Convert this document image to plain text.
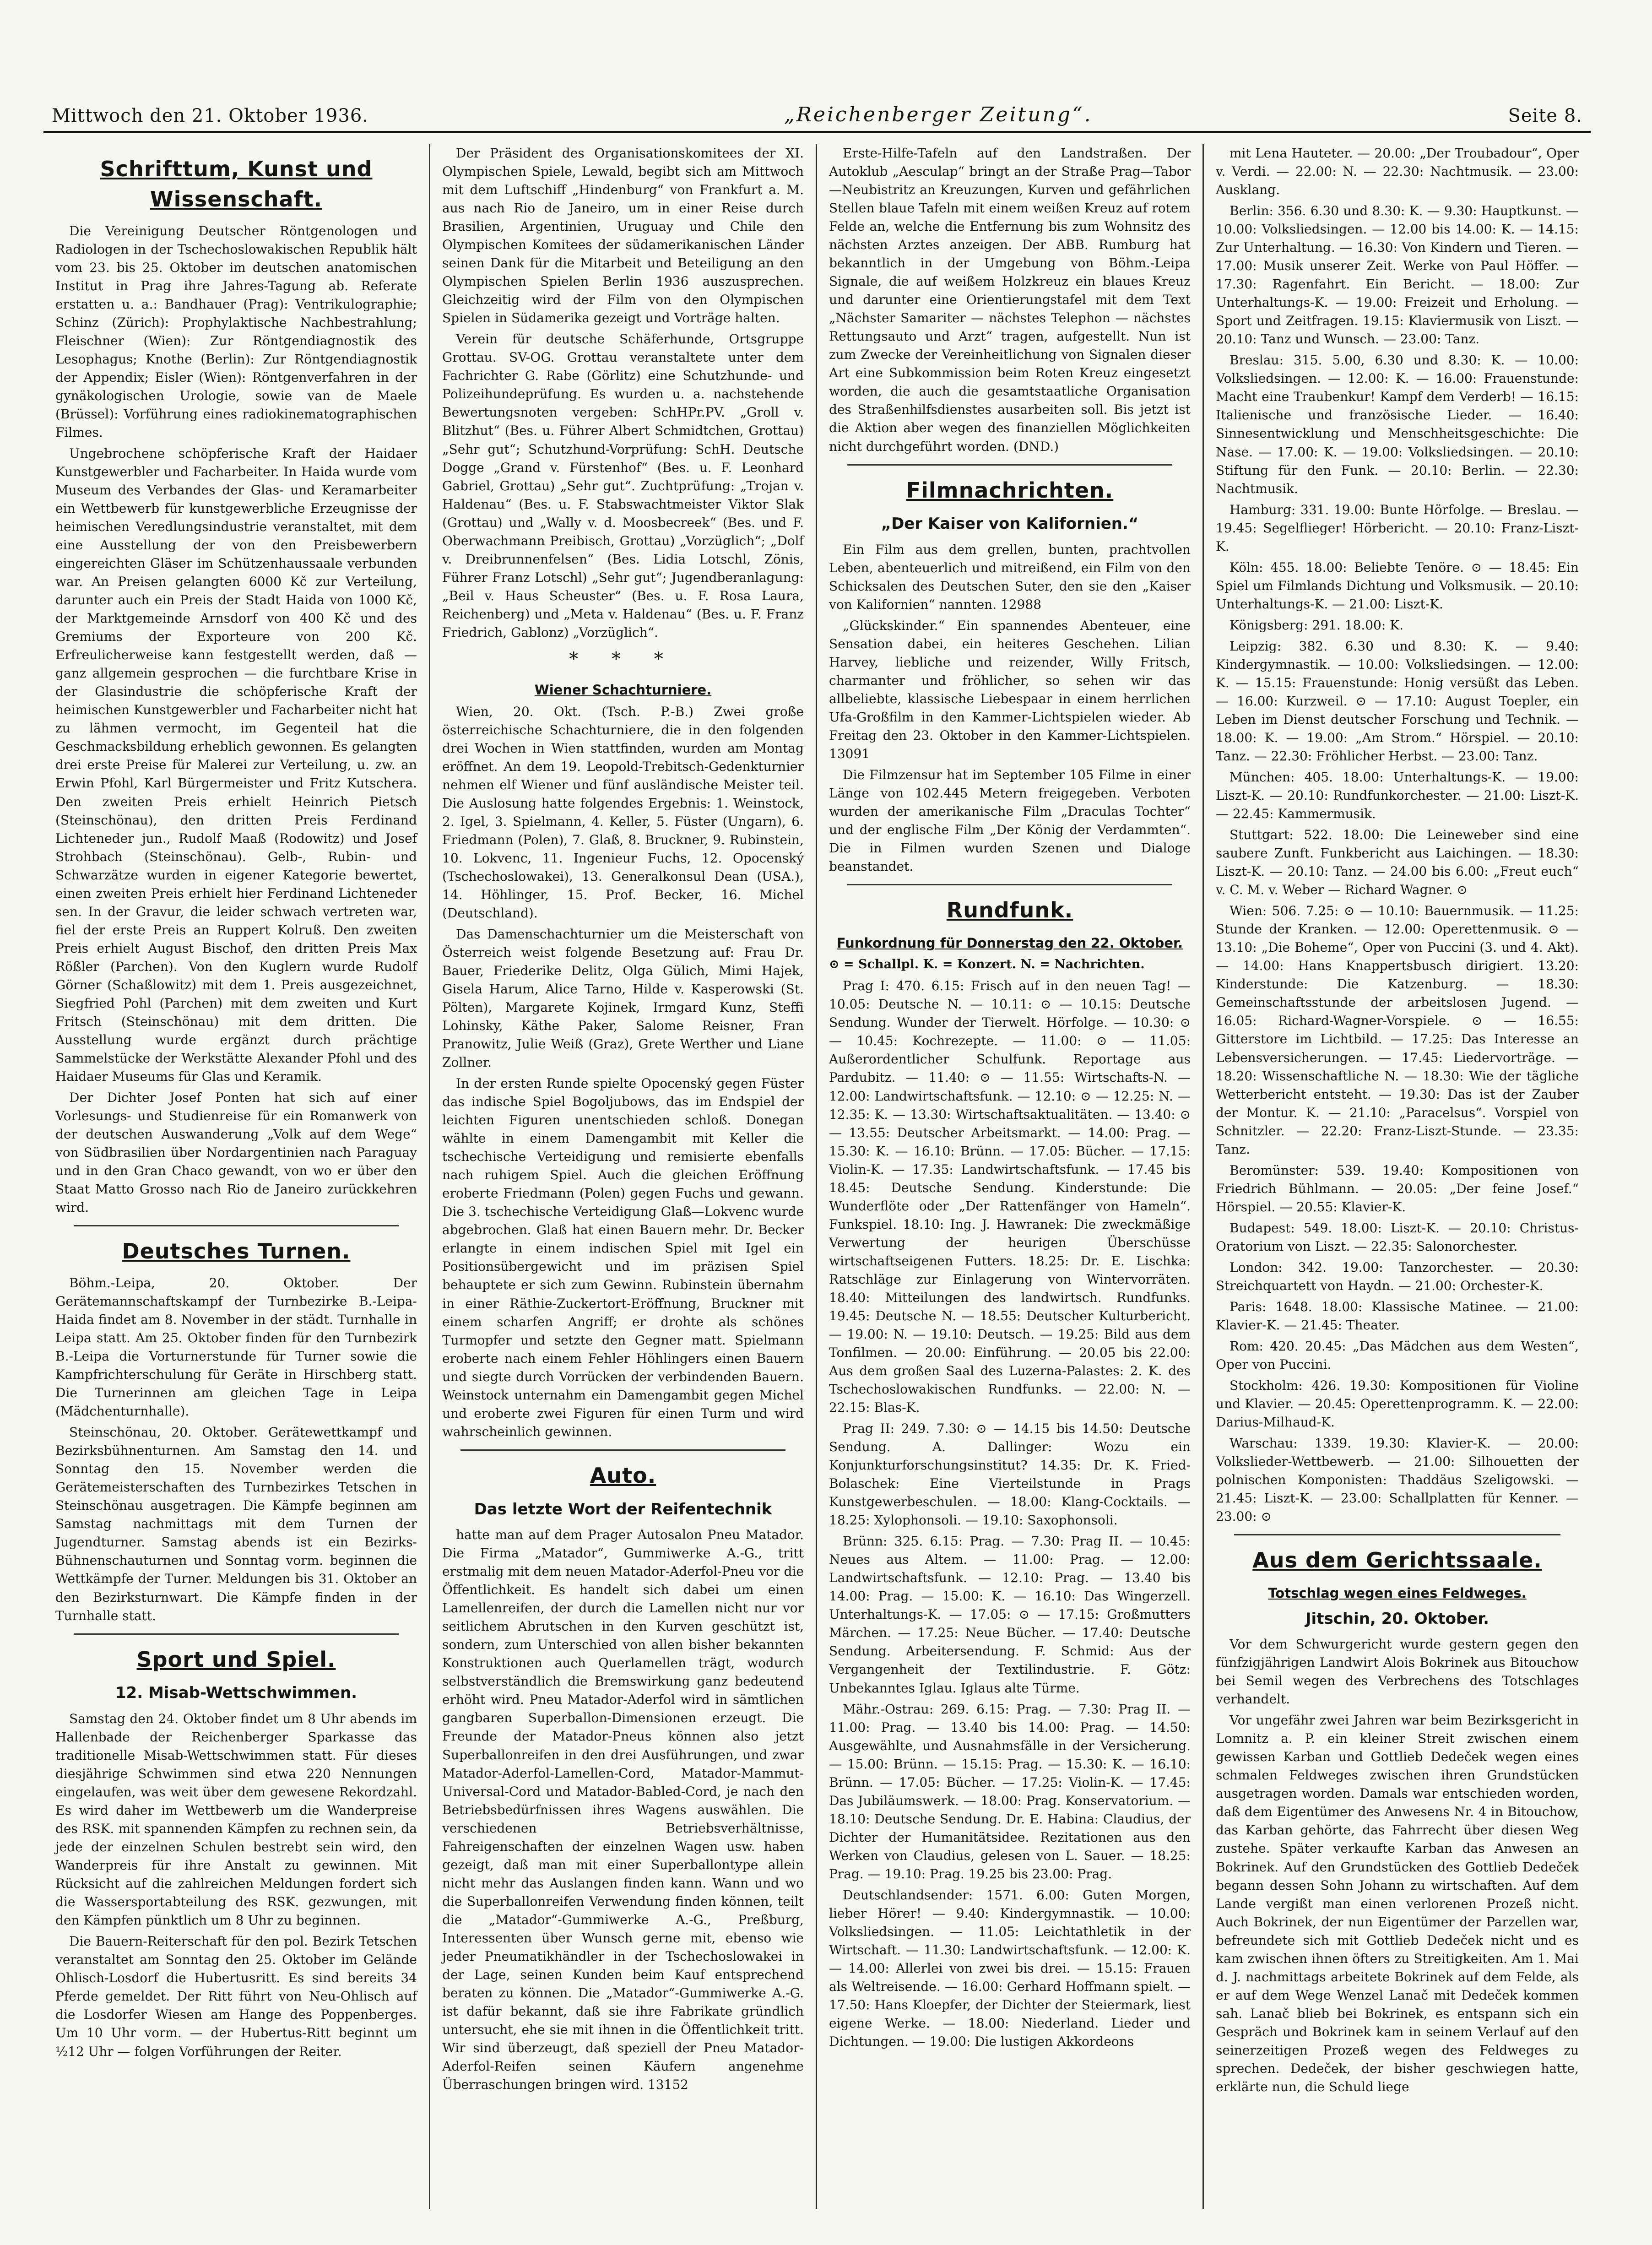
Mittwoch den 21. Oktober 1936.	„Reichenberger Zeitung“.	Seite 8.
Schrifttum, Kunst und Wissenschaft.

Die Vereinigung Deutscher Röntgenologen und Radiologen in der Tschechoslowakischen Republik hält vom 23. bis 25. Oktober im deutschen anatomischen Institut in Prag ihre Jahres-Tagung ab. Referate erstatten u. a.: Bandhauer (Prag): Ventrikulographie; Schinz (Zürich): Prophylaktische Nachbestrahlung; Fleischner (Wien): Zur Röntgendiagnostik des Lesophagus; Knothe (Berlin): Zur Röntgendiagnostik der Appendix; Eisler (Wien): Röntgenverfahren in der gynäkologischen Urologie, sowie van de Maele (Brüssel): Vorführung eines radiokinematographischen Filmes.

Ungebrochene schöpferische Kraft der Haidaer Kunstgewerbler und Facharbeiter. In Haida wurde vom Museum des Verbandes der Glas- und Keramarbeiter ein Wettbewerb für kunstgewerbliche Erzeugnisse der heimischen Veredlungsindustrie veranstaltet, mit dem eine Ausstellung der von den Preisbewerbern eingereichten Gläser im Schützenhaussaale verbunden war. An Preisen gelangten 6000 Kč zur Verteilung, darunter auch ein Preis der Stadt Haida von 1000 Kč, der Marktgemeinde Arnsdorf von 400 Kč und des Gremiums der Exporteure von 200 Kč. Erfreulicherweise kann festgestellt werden, daß — ganz allgemein gesprochen — die furchtbare Krise in der Glasindustrie die schöpferische Kraft der heimischen Kunstgewerbler und Facharbeiter nicht hat zu lähmen vermocht, im Gegenteil hat die Geschmacksbildung erheblich gewonnen. Es gelangten drei erste Preise für Malerei zur Verteilung, u. zw. an Erwin Pfohl, Karl Bürgermeister und Fritz Kutschera. Den zweiten Preis erhielt Heinrich Pietsch (Steinschönau), den dritten Preis Ferdinand Lichteneder jun., Rudolf Maaß (Rodowitz) und Josef Strohbach (Steinschönau). Gelb-, Rubin- und Schwarzätze wurden in eigener Kategorie bewertet, einen zweiten Preis erhielt hier Ferdinand Lichteneder sen. In der Gravur, die leider schwach vertreten war, fiel der erste Preis an Ruppert Kolruß. Den zweiten Preis erhielt August Bischof, den dritten Preis Max Rößler (Parchen). Von den Kuglern wurde Rudolf Görner (Schaßlowitz) mit dem 1. Preis ausgezeichnet, Siegfried Pohl (Parchen) mit dem zweiten und Kurt Fritsch (Steinschönau) mit dem dritten. Die Ausstellung wurde ergänzt durch prächtige Sammelstücke der Werkstätte Alexander Pfohl und des Haidaer Museums für Glas und Keramik.

Der Dichter Josef Ponten hat sich auf einer Vorlesungs- und Studienreise für ein Romanwerk von der deutschen Auswanderung „Volk auf dem Wege“ von Südbrasilien über Nordargentinien nach Paraguay und in den Gran Chaco gewandt, von wo er über den Staat Matto Grosso nach Rio de Janeiro zurückkehren wird.

Deutsches Turnen.

Böhm.-Leipa, 20. Oktober. Der Gerätemannschaftskampf der Turnbezirke B.-Leipa-Haida findet am 8. November in der städt. Turnhalle in Leipa statt. Am 25. Oktober finden für den Turnbezirk B.-Leipa die Vorturnerstunde für Turner sowie die Kampfrichterschulung für Geräte in Hirschberg statt. Die Turnerinnen am gleichen Tage in Leipa (Mädchenturnhalle).

Steinschönau, 20. Oktober. Gerätewettkampf und Bezirksbühnenturnen. Am Samstag den 14. und Sonntag den 15. November werden die Gerätemeisterschaften des Turnbezirkes Tetschen in Steinschönau ausgetragen. Die Kämpfe beginnen am Samstag nachmittags mit dem Turnen der Jugendturner. Samstag abends ist ein Bezirks-Bühnenschauturnen und Sonntag vorm. beginnen die Wettkämpfe der Turner. Meldungen bis 31. Oktober an den Bezirksturnwart. Die Kämpfe finden in der Turnhalle statt.

Sport und Spiel.
12. Misab-Wettschwimmen.

Samstag den 24. Oktober findet um 8 Uhr abends im Hallenbade der Reichenberger Sparkasse das traditionelle Misab-Wettschwimmen statt. Für dieses diesjährige Schwimmen sind etwa 220 Nennungen eingelaufen, was weit über dem gewesene Rekordzahl. Es wird daher im Wettbewerb um die Wanderpreise des RSK. mit spannenden Kämpfen zu rechnen sein, da jede der einzelnen Schulen bestrebt sein wird, den Wanderpreis für ihre Anstalt zu gewinnen. Mit Rücksicht auf die zahlreichen Meldungen fordert sich die Wassersportabteilung des RSK. gezwungen, mit den Kämpfen pünktlich um 8 Uhr zu beginnen.

Die Bauern-Reiterschaft für den pol. Bezirk Tetschen veranstaltet am Sonntag den 25. Oktober im Gelände Ohlisch-Losdorf die Hubertusritt. Es sind bereits 34 Pferde gemeldet. Der Ritt führt von Neu-Ohlisch auf die Losdorfer Wiesen am Hange des Poppenberges. Um 10 Uhr vorm. — der Hubertus-Ritt beginnt um ½12 Uhr — folgen Vorführungen der Reiter.

Der Präsident des Organisationskomitees der XI. Olympischen Spiele, Lewald, begibt sich am Mittwoch mit dem Luftschiff „Hindenburg“ von Frankfurt a. M. aus nach Rio de Janeiro, um in einer Reise durch Brasilien, Argentinien, Uruguay und Chile den Olympischen Komitees der südamerikanischen Länder seinen Dank für die Mitarbeit und Beteiligung an den Olympischen Spielen Berlin 1936 auszusprechen. Gleichzeitig wird der Film von den Olympischen Spielen in Südamerika gezeigt und Vorträge halten.

Verein für deutsche Schäferhunde, Ortsgruppe Grottau. SV-OG. Grottau veranstaltete unter dem Fachrichter G. Rabe (Görlitz) eine Schutzhunde- und Polizeihundeprüfung. Es wurden u. a. nachstehende Bewertungsnoten vergeben: SchHPr.PV. „Groll v. Blitzhut“ (Bes. u. Führer Albert Schmidtchen, Grottau) „Sehr gut“; Schutzhund-Vorprüfung: SchH. Deutsche Dogge „Grand v. Fürstenhof“ (Bes. u. F. Leonhard Gabriel, Grottau) „Sehr gut“. Zuchtprüfung: „Trojan v. Haldenau“ (Bes. u. F. Stabswachtmeister Viktor Slak (Grottau) und „Wally v. d. Moosbecreek“ (Bes. und F. Oberwachmann Preibisch, Grottau) „Vorzüglich“; „Dolf v. Dreibrunnenfelsen“ (Bes. Lidia Lotschl, Zönis, Führer Franz Lotschl) „Sehr gut“; Jugendberanlagung: „Beil v. Haus Scheuster“ (Bes. u. F. Rosa Laura, Reichenberg) und „Meta v. Haldenau“ (Bes. u. F. Franz Friedrich, Gablonz) „Vorzüglich“.

* * *
Wiener Schachturniere.

Wien, 20. Okt. (Tsch. P.-B.) Zwei große österreichische Schachturniere, die in den folgenden drei Wochen in Wien stattfinden, wurden am Montag eröffnet. An dem 19. Leopold-Trebitsch-Gedenkturnier nehmen elf Wiener und fünf ausländische Meister teil. Die Auslosung hatte folgendes Ergebnis: 1. Weinstock, 2. Igel, 3. Spielmann, 4. Keller, 5. Füster (Ungarn), 6. Friedmann (Polen), 7. Glaß, 8. Bruckner, 9. Rubinstein, 10. Lokvenc, 11. Ingenieur Fuchs, 12. Opocenský (Tschechoslowakei), 13. Generalkonsul Dean (USA.), 14. Höhlinger, 15. Prof. Becker, 16. Michel (Deutschland).

Das Damenschachturnier um die Meisterschaft von Österreich weist folgende Besetzung auf: Frau Dr. Bauer, Friederike Delitz, Olga Gülich, Mimi Hajek, Gisela Harum, Alice Tarno, Hilde v. Kasperowski (St. Pölten), Margarete Kojinek, Irmgard Kunz, Steffi Lohinsky, Käthe Paker, Salome Reisner, Fran Pranowitz, Julie Weiß (Graz), Grete Werther und Liane Zollner.

In der ersten Runde spielte Opocenský gegen Füster das indische Spiel Bogoljubows, das im Endspiel der leichten Figuren unentschieden schloß. Donegan wählte in einem Damengambit mit Keller die tschechische Verteidigung und remisierte ebenfalls nach ruhigem Spiel. Auch die gleichen Eröffnung eroberte Friedmann (Polen) gegen Fuchs und gewann. Die 3. tschechische Verteidigung Glaß—Lokvenc wurde abgebrochen. Glaß hat einen Bauern mehr. Dr. Becker erlangte in einem indischen Spiel mit Igel ein Positionsübergewicht und im präzisen Spiel behauptete er sich zum Gewinn. Rubinstein übernahm in einer Räthie-Zuckertort-Eröffnung, Bruckner mit einem scharfen Angriff; er drohte als schönes Turmopfer und setzte den Gegner matt. Spielmann eroberte nach einem Fehler Höhlingers einen Bauern und siegte durch Vorrücken der verbindenden Bauern. Weinstock unternahm ein Damengambit gegen Michel und eroberte zwei Figuren für einen Turm und wird wahrscheinlich gewinnen.

Auto.
Das letzte Wort der Reifentechnik

hatte man auf dem Prager Autosalon Pneu Matador. Die Firma „Matador“, Gummiwerke A.-G., tritt erstmalig mit dem neuen Matador-Aderfol-Pneu vor die Öffentlichkeit. Es handelt sich dabei um einen Lamellenreifen, der durch die Lamellen nicht nur vor seitlichem Abrutschen in den Kurven geschützt ist, sondern, zum Unterschied von allen bisher bekannten Konstruktionen auch Querlamellen trägt, wodurch selbstverständlich die Bremswirkung ganz bedeutend erhöht wird. Pneu Matador-Aderfol wird in sämtlichen gangbaren Superballon-Dimensionen erzeugt. Die Freunde der Matador-Pneus können also jetzt Superballonreifen in den drei Ausführungen, und zwar Matador-Aderfol-Lamellen-Cord, Matador-Mammut-Universal-Cord und Matador-Babled-Cord, je nach den Betriebsbedürfnissen ihres Wagens auswählen. Die verschiedenen Betriebsverhältnisse, Fahreigenschaften der einzelnen Wagen usw. haben gezeigt, daß man mit einer Superballontype allein nicht mehr das Auslangen finden kann. Wann und wo die Superballonreifen Verwendung finden können, teilt die „Matador“-Gummiwerke A.-G., Preßburg, Interessenten über Wunsch gerne mit, ebenso wie jeder Pneumatikhändler in der Tschechoslowakei in der Lage, seinen Kunden beim Kauf entsprechend beraten zu können. Die „Matador“-Gummiwerke A.-G. ist dafür bekannt, daß sie ihre Fabrikate gründlich untersucht, ehe sie mit ihnen in die Öffentlichkeit tritt. Wir sind überzeugt, daß speziell der Pneu Matador-Aderfol-Reifen seinen Käufern angenehme Überraschungen bringen wird. 13152

Erste-Hilfe-Tafeln auf den Landstraßen. Der Autoklub „Aesculap“ bringt an der Straße Prag—Tabor—Neubistritz an Kreuzungen, Kurven und gefährlichen Stellen blaue Tafeln mit einem weißen Kreuz auf rotem Felde an, welche die Entfernung bis zum Wohnsitz des nächsten Arztes anzeigen. Der ABB. Rumburg hat bekanntlich in der Umgebung von Böhm.-Leipa Signale, die auf weißem Holzkreuz ein blaues Kreuz und darunter eine Orientierungstafel mit dem Text „Nächster Samariter — nächstes Telephon — nächstes Rettungsauto und Arzt“ tragen, aufgestellt. Nun ist zum Zwecke der Vereinheitlichung von Signalen dieser Art eine Subkommission beim Roten Kreuz eingesetzt worden, die auch die gesamtstaatliche Organisation des Straßenhilfsdienstes ausarbeiten soll. Bis jetzt ist die Aktion aber wegen des finanziellen Möglichkeiten nicht durchgeführt worden. (DND.)

Filmnachrichten.
„Der Kaiser von Kalifornien.“

Ein Film aus dem grellen, bunten, prachtvollen Leben, abenteuerlich und mitreißend, ein Film von den Schicksalen des Deutschen Suter, den sie den „Kaiser von Kalifornien“ nannten. 12988

„Glückskinder.“ Ein spannendes Abenteuer, eine Sensation dabei, ein heiteres Geschehen. Lilian Harvey, liebliche und reizender, Willy Fritsch, charmanter und fröhlicher, so sehen wir das allbeliebte, klassische Liebespaar in einem herrlichen Ufa-Großfilm in den Kammer-Lichtspielen wieder. Ab Freitag den 23. Oktober in den Kammer-Lichtspielen. 13091

Die Filmzensur hat im September 105 Filme in einer Länge von 102.445 Metern freigegeben. Verboten wurden der amerikanische Film „Draculas Tochter“ und der englische Film „Der König der Verdammten“. Die in Filmen wurden Szenen und Dialoge beanstandet.

Rundfunk.
Funkordnung für Donnerstag den 22. Oktober.
⊙ = Schallpl. K. = Konzert. N. = Nachrichten.

Prag I: 470. 6.15: Frisch auf in den neuen Tag! — 10.05: Deutsche N. — 10.11: ⊙ — 10.15: Deutsche Sendung. Wunder der Tierwelt. Hörfolge. — 10.30: ⊙ — 10.45: Kochrezepte. — 11.00: ⊙ — 11.05: Außerordentlicher Schulfunk. Reportage aus Pardubitz. — 11.40: ⊙ — 11.55: Wirtschafts-N. — 12.00: Landwirtschaftsfunk. — 12.10: ⊙ — 12.25: N. — 12.35: K. — 13.30: Wirtschaftsaktualitäten. — 13.40: ⊙ — 13.55: Deutscher Arbeitsmarkt. — 14.00: Prag. — 15.30: K. — 16.10: Brünn. — 17.05: Bücher. — 17.15: Violin-K. — 17.35: Landwirtschaftsfunk. — 17.45 bis 18.45: Deutsche Sendung. Kinderstunde: Die Wunderflöte oder „Der Rattenfänger von Hameln“. Funkspiel. 18.10: Ing. J. Hawranek: Die zweckmäßige Verwertung der heurigen Überschüsse wirtschaftseigenen Futters. 18.25: Dr. E. Lischka: Ratschläge zur Einlagerung von Wintervorräten. 18.40: Mitteilungen des landwirtsch. Rundfunks. 19.45: Deutsche N. — 18.55: Deutscher Kulturbericht. — 19.00: N. — 19.10: Deutsch. — 19.25: Bild aus dem Tonfilmen. — 20.00: Einführung. — 20.05 bis 22.00: Aus dem großen Saal des Luzerna-Palastes: 2. K. des Tschechoslowakischen Rundfunks. — 22.00: N. — 22.15: Blas-K.

Prag II: 249. 7.30: ⊙ — 14.15 bis 14.50: Deutsche Sendung. A. Dallinger: Wozu ein Konjunkturforschungsinstitut? 14.35: Dr. K. Fried-Bolaschek: Eine Vierteilstunde in Prags Kunstgewerbeschulen. — 18.00: Klang-Cocktails. — 18.25: Xylophonsoli. — 19.10: Saxophonsoli.

Brünn: 325. 6.15: Prag. — 7.30: Prag II. — 10.45: Neues aus Altem. — 11.00: Prag. — 12.00: Landwirtschaftsfunk. — 12.10: Prag. — 13.40 bis 14.00: Prag. — 15.00: K. — 16.10: Das Wingerzell. Unterhaltungs-K. — 17.05: ⊙ — 17.15: Großmutters Märchen. — 17.25: Neue Bücher. — 17.40: Deutsche Sendung. Arbeitersendung. F. Schmid: Aus der Vergangenheit der Textilindustrie. F. Götz: Unbekanntes Iglau. Iglaus alte Türme.

Mähr.-Ostrau: 269. 6.15: Prag. — 7.30: Prag II. — 11.00: Prag. — 13.40 bis 14.00: Prag. — 14.50: Ausgewählte, und Ausnahmsfälle in der Versicherung. — 15.00: Brünn. — 15.15: Prag. — 15.30: K. — 16.10: Brünn. — 17.05: Bücher. — 17.25: Violin-K. — 17.45: Das Jubiläumswerk. — 18.00: Prag. Konservatorium. — 18.10: Deutsche Sendung. Dr. E. Habina: Claudius, der Dichter der Humanitätsidee. Rezitationen aus den Werken von Claudius, gelesen von L. Sauer. — 18.25: Prag. — 19.10: Prag. 19.25 bis 23.00: Prag.

Deutschlandsender: 1571. 6.00: Guten Morgen, lieber Hörer! — 9.40: Kindergymnastik. — 10.00: Volksliedsingen. — 11.05: Leichtathletik in der Wirtschaft. — 11.30: Landwirtschaftsfunk. — 12.00: K. — 14.00: Allerlei von zwei bis drei. — 15.15: Frauen als Weltreisende. — 16.00: Gerhard Hoffmann spielt. — 17.50: Hans Kloepfer, der Dichter der Steiermark, liest eigene Werke. — 18.00: Niederland. Lieder und Dichtungen. — 19.00: Die lustigen Akkordeons

mit Lena Hauteter. — 20.00: „Der Troubadour“, Oper v. Verdi. — 22.00: N. — 22.30: Nachtmusik. — 23.00: Ausklang.

Berlin: 356. 6.30 und 8.30: K. — 9.30: Hauptkunst. — 10.00: Volksliedsingen. — 12.00 bis 14.00: K. — 14.15: Zur Unterhaltung. — 16.30: Von Kindern und Tieren. — 17.00: Musik unserer Zeit. Werke von Paul Höffer. — 17.30: Ragenfahrt. Ein Bericht. — 18.00: Zur Unterhaltungs-K. — 19.00: Freizeit und Erholung. — Sport und Zeitfragen. 19.15: Klaviermusik von Liszt. — 20.10: Tanz und Wunsch. — 23.00: Tanz.

Breslau: 315. 5.00, 6.30 und 8.30: K. — 10.00: Volksliedsingen. — 12.00: K. — 16.00: Frauenstunde: Macht eine Traubenkur! Kampf dem Verderb! — 16.15: Italienische und französische Lieder. — 16.40: Sinnesentwicklung und Menschheitsgeschichte: Die Nase. — 17.00: K. — 19.00: Volksliedsingen. — 20.10: Stiftung für den Funk. — 20.10: Berlin. — 22.30: Nachtmusik.

Hamburg: 331. 19.00: Bunte Hörfolge. — Breslau. — 19.45: Segelflieger! Hörbericht. — 20.10: Franz-Liszt-K.

Köln: 455. 18.00: Beliebte Tenöre. ⊙ — 18.45: Ein Spiel um Filmlands Dichtung und Volksmusik. — 20.10: Unterhaltungs-K. — 21.00: Liszt-K.

Königsberg: 291. 18.00: K.

Leipzig: 382. 6.30 und 8.30: K. — 9.40: Kindergymnastik. — 10.00: Volksliedsingen. — 12.00: K. — 15.15: Frauenstunde: Honig versüßt das Leben. — 16.00: Kurzweil. ⊙ — 17.10: August Toepler, ein Leben im Dienst deutscher Forschung und Technik. — 18.00: K. — 19.00: „Am Strom.“ Hörspiel. — 20.10: Tanz. — 22.30: Fröhlicher Herbst. — 23.00: Tanz.

München: 405. 18.00: Unterhaltungs-K. — 19.00: Liszt-K. — 20.10: Rundfunkorchester. — 21.00: Liszt-K. — 22.45: Kammermusik.

Stuttgart: 522. 18.00: Die Leineweber sind eine saubere Zunft. Funkbericht aus Laichingen. — 18.30: Liszt-K. — 20.10: Tanz. — 24.00 bis 6.00: „Freut euch“ v. C. M. v. Weber — Richard Wagner. ⊙

Wien: 506. 7.25: ⊙ — 10.10: Bauernmusik. — 11.25: Stunde der Kranken. — 12.00: Operettenmusik. ⊙ — 13.10: „Die Boheme“, Oper von Puccini (3. und 4. Akt). — 14.00: Hans Knappertsbusch dirigiert. 13.20: Kinderstunde: Die Katzenburg. — 18.30: Gemeinschaftsstunde der arbeitslosen Jugend. — 16.05: Richard-Wagner-Vorspiele. ⊙ — 16.55: Gitterstore im Lichtbild. — 17.25: Das Interesse an Lebensversicherungen. — 17.45: Liedervorträge. — 18.20: Wissenschaftliche N. — 18.30: Wie der tägliche Wetterbericht entsteht. — 19.30: Das ist der Zauber der Montur. K. — 21.10: „Paracelsus“. Vorspiel von Schnitzler. — 22.20: Franz-Liszt-Stunde. — 23.35: Tanz.

Beromünster: 539. 19.40: Kompositionen von Friedrich Bühlmann. — 20.05: „Der feine Josef.“ Hörspiel. — 20.55: Klavier-K.

Budapest: 549. 18.00: Liszt-K. — 20.10: Christus-Oratorium von Liszt. — 22.35: Salonorchester.

London: 342. 19.00: Tanzorchester. — 20.30: Streichquartett von Haydn. — 21.00: Orchester-K.

Paris: 1648. 18.00: Klassische Matinee. — 21.00: Klavier-K. — 21.45: Theater.

Rom: 420. 20.45: „Das Mädchen aus dem Westen“, Oper von Puccini.

Stockholm: 426. 19.30: Kompositionen für Violine und Klavier. — 20.45: Operettenprogramm. K. — 22.00: Darius-Milhaud-K.

Warschau: 1339. 19.30: Klavier-K. — 20.00: Volkslieder-Wettbewerb. — 21.00: Silhouetten der polnischen Komponisten: Thaddäus Szeligowski. — 21.45: Liszt-K. — 23.00: Schallplatten für Kenner. — 23.00: ⊙

Aus dem Gerichtssaale.
Totschlag wegen eines Feldweges.
Jitschin, 20. Oktober.

Vor dem Schwurgericht wurde gestern gegen den fünfzigjährigen Landwirt Alois Bokrinek aus Bitouchow bei Semil wegen des Verbrechens des Totschlages verhandelt.

Vor ungefähr zwei Jahren war beim Bezirksgericht in Lomnitz a. P. ein kleiner Streit zwischen einem gewissen Karban und Gottlieb Dedeček wegen eines schmalen Feldweges zwischen ihren Grundstücken ausgetragen worden. Damals war entschieden worden, daß dem Eigentümer des Anwesens Nr. 4 in Bitouchow, das Karban gehörte, das Fahrrecht über diesen Weg zustehe. Später verkaufte Karban das Anwesen an Bokrinek. Auf den Grundstücken des Gottlieb Dedeček begann dessen Sohn Johann zu wirtschaften. Auf dem Lande vergißt man einen verlorenen Prozeß nicht. Auch Bokrinek, der nun Eigentümer der Parzellen war, befreundete sich mit Gottlieb Dedeček nicht und es kam zwischen ihnen öfters zu Streitigkeiten. Am 1. Mai d. J. nachmittags arbeitete Bokrinek auf dem Felde, als er auf dem Wege Wenzel Lanač mit Dedeček kommen sah. Lanač blieb bei Bokrinek, es entspann sich ein Gespräch und Bokrinek kam in seinem Verlauf auf den seinerzeitigen Prozeß wegen des Feldweges zu sprechen. Dedeček, der bisher geschwiegen hatte, erklärte nun, die Schuld liege
